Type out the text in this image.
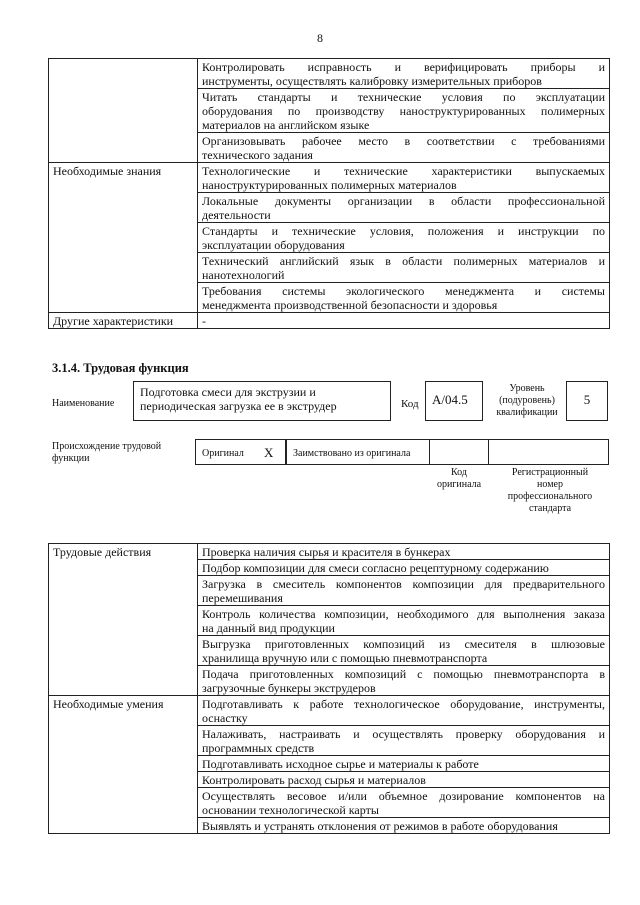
8

	Контролировать исправность и верифицировать приборы и
инструменты, осуществлять калибровку измерительных приборов

	Читать стандарты и технические условия по эксплуатации
оборудования по производству наноструктурированных полимерных
материалов на английском языке

	Организовывать рабочее место в соответствии с требованиями
технического задания

Необходимые знания	Технологические и технические характеристики выпускаемых
наноструктурированных полимерных материалов

	Локальные документы организации в области профессиональной
деятельности

	Стандарты и технические условия, положения и инструкции по
эксплуатации оборудования

	Технический английский язык в области полимерных материалов и
нанотехнологий

	Требования системы экологического менеджмента и системы
менеджмента производственной безопасности и здоровья

Другие характеристики	-
3.1.4. Трудовая функция
Наименование
Подготовка смеси для экструзии и
периодическая загрузка ее в экструдер	Код	A/04.5
Уровень
(подуровень)
квалификации
5
Происхождение трудовой
функции	Оригинал	X	Заимствовано из оригинала
Код
оригинала
Регистрационный
номер
профессионального
стандарта
Трудовые действия	Проверка наличия сырья и красителя в бункерах

	Подбор композиции для смеси согласно рецептурному содержанию

	Загрузка в смеситель компонентов композиции для предварительного
перемешивания

	Контроль количества композиции, необходимого для выполнения заказа
на данный вид продукции

	Выгрузка приготовленных композиций из смесителя в шлюзовые
хранилища вручную или с помощью пневмотранспорта

	Подача приготовленных композиций с помощью пневмотранспорта в
загрузочные бункеры экструдеров

Необходимые умения	Подготавливать к работе технологическое оборудование, инструменты,
оснастку

	Налаживать, настраивать и осуществлять проверку оборудования и
программных средств

	Подготавливать исходное сырье и материалы к работе

	Контролировать расход сырья и материалов

	Осуществлять весовое и/или объемное дозирование компонентов на
основании технологической карты

	Выявлять и устранять отклонения от режимов в работе оборудования
